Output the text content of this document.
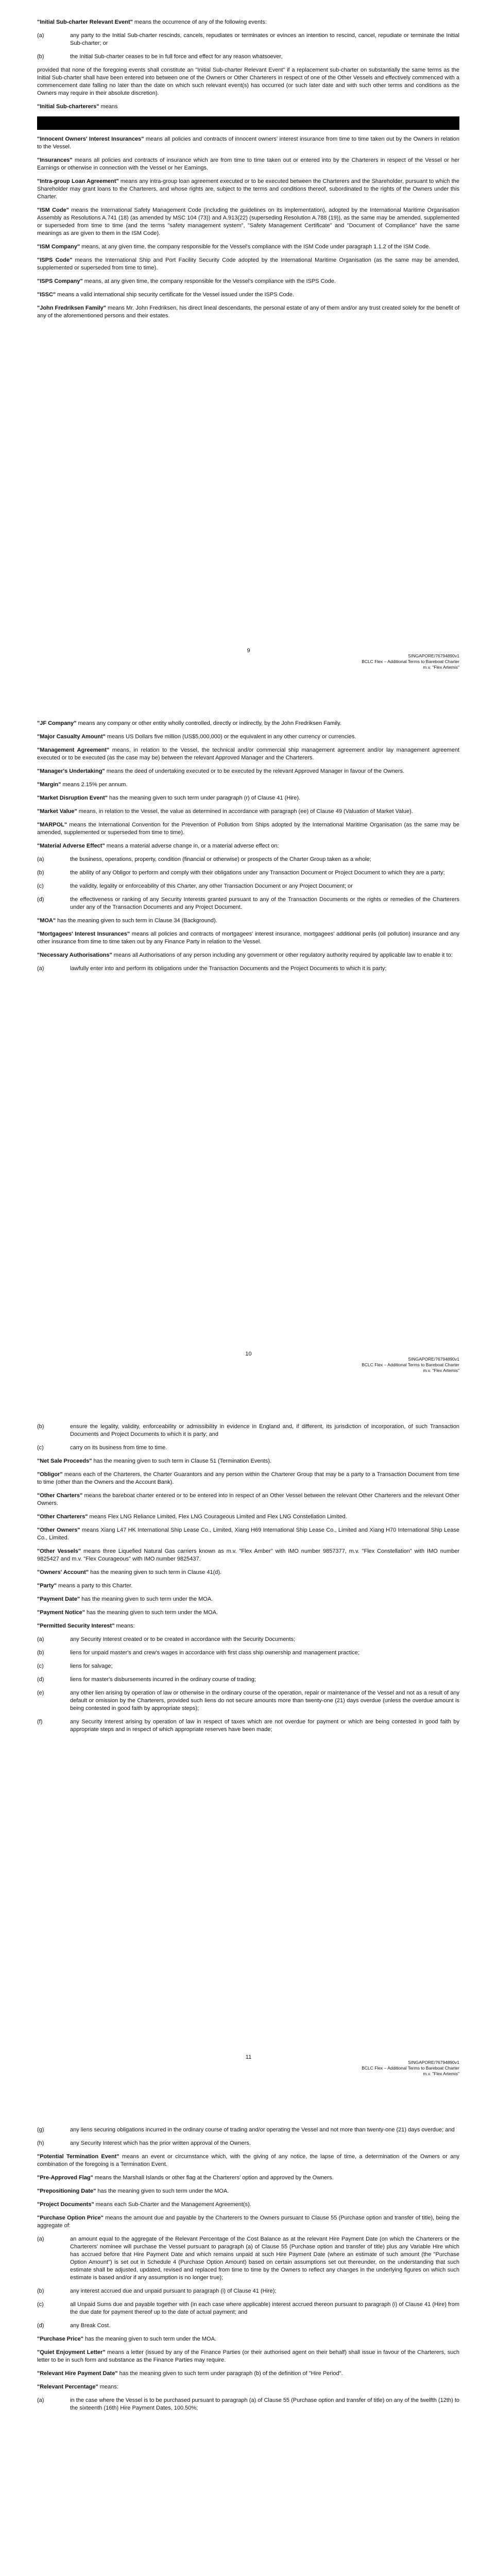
"Initial Sub-charter Relevant Event" means the occurrence of any of the following events:

(a)	any party to the Initial Sub-charter rescinds, cancels, repudiates or terminates or evinces an intention to rescind, cancel, repudiate or terminate the Initial Sub-charter; or
(b)	the Initial Sub-charter ceases to be in full force and effect for any reason whatsoever,

provided that none of the foregoing events shall constitute an "Initial Sub-charter Relevant Event" if a replacement sub-charter on substantially the same terms as the Initial Sub-charter shall have been entered into between one of the Owners or Other Charterers in respect of one of the Other Vessels and effectively commenced with a commencement date falling no later than the date on which such relevant event(s) has occurred (or such later date and with such other terms and conditions as the Owners may require in their absolute discretion).

"Initial Sub-charterers" means

"Innocent Owners' Interest Insurances" means all policies and contracts of innocent owners' interest insurance from time to time taken out by the Owners in relation to the Vessel.

"Insurances" means all policies and contracts of insurance which are from time to time taken out or entered into by the Charterers in respect of the Vessel or her Earnings or otherwise in connection with the Vessel or her Earnings.

"Intra-group Loan Agreement" means any intra-group loan agreement executed or to be executed between the Charterers and the Shareholder, pursuant to which the Shareholder may grant loans to the Charterers, and whose rights are, subject to the terms and conditions thereof, subordinated to the rights of the Owners under this Charter.

"ISM Code" means the International Safety Management Code (including the guidelines on its implementation), adopted by the International Maritime Organisation Assembly as Resolutions A.741 (18) (as amended by MSC 104 (73)) and A.913(22) (superseding Resolution A.788 (19)), as the same may be amended, supplemented or superseded from time to time (and the terms "safety management system", "Safety Management Certificate" and "Document of Compliance" have the same meanings as are given to them in the ISM Code).

"ISM Company" means, at any given time, the company responsible for the Vessel's compliance with the ISM Code under paragraph 1.1.2 of the ISM Code.

"ISPS Code" means the International Ship and Port Facility Security Code adopted by the International Maritime Organisation (as the same may be amended, supplemented or superseded from time to time).

"ISPS Company" means, at any given time, the company responsible for the Vessel's compliance with the ISPS Code.

"ISSC" means a valid international ship security certificate for the Vessel issued under the ISPS Code.

"John Fredriksen Family" means Mr. John Fredriksen, his direct lineal descendants, the personal estate of any of them and/or any trust created solely for the benefit of any of the aforementioned persons and their estates.

9
SINGAPORE/76794890v1
BCLC Flex – Additional Terms to Bareboat Charter
m.v. "Flex Artemis"

"JF Company" means any company or other entity wholly controlled, directly or indirectly, by the John Fredriksen Family.

"Major Casualty Amount" means US Dollars five million (US$5,000,000) or the equivalent in any other currency or currencies.

"Management Agreement" means, in relation to the Vessel, the technical and/or commercial ship management agreement and/or lay management agreement executed or to be executed (as the case may be) between the relevant Approved Manager and the Charterers.

"Manager's Undertaking" means the deed of undertaking executed or to be executed by the relevant Approved Manager in favour of the Owners.

"Margin" means 2.15% per annum.

"Market Disruption Event" has the meaning given to such term under paragraph (r) of Clause 41 (Hire).

"Market Value" means, in relation to the Vessel, the value as determined in accordance with paragraph (ee) of Clause 49 (Valuation of Market Value).

"MARPOL" means the International Convention for the Prevention of Pollution from Ships adopted by the International Maritime Organisation (as the same may be amended, supplemented or superseded from time to time).

"Material Adverse Effect" means a material adverse change in, or a material adverse effect on:

(a)	the business, operations, property, condition (financial or otherwise) or prospects of the Charter Group taken as a whole;
(b)	the ability of any Obligor to perform and comply with their obligations under any Transaction Document or Project Document to which they are a party;
(c)	the validity, legality or enforceability of this Charter, any other Transaction Document or any Project Document; or
(d)	the effectiveness or ranking of any Security Interests granted pursuant to any of the Transaction Documents or the rights or remedies of the Charterers under any of the Transaction Documents and any Project Document.

"MOA" has the meaning given to such term in Clause 34 (Background).

"Mortgagees' Interest Insurances" means all policies and contracts of mortgagees' interest insurance, mortgagees' additional perils (oil pollution) insurance and any other insurance from time to time taken out by any Finance Party in relation to the Vessel.

"Necessary Authorisations" means all Authorisations of any person including any government or other regulatory authority required by applicable law to enable it to:

(a)	lawfully enter into and perform its obligations under the Transaction Documents and the Project Documents to which it is party;
10
SINGAPORE/76794890v1
BCLC Flex – Additional Terms to Bareboat Charter
m.v. "Flex Artemis"
(b)	ensure the legality, validity, enforceability or admissibility in evidence in England and, if different, its jurisdiction of incorporation, of such Transaction Documents and Project Documents to which it is party; and
(c)	carry on its business from time to time.

"Net Sale Proceeds" has the meaning given to such term in Clause 51 (Termination Events).

"Obligor" means each of the Charterers, the Charter Guarantors and any person within the Charterer Group that may be a party to a Transaction Document from time to time (other than the Owners and the Account Bank).

"Other Charters" means the bareboat charter entered or to be entered into in respect of an Other Vessel between the relevant Other Charterers and the relevant Other Owners.

"Other Charterers" means Flex LNG Reliance Limited, Flex LNG Courageous Limited and Flex LNG Constellation Limited.

"Other Owners" means Xiang L47 HK International Ship Lease Co., Limited, Xiang H69 International Ship Lease Co., Limited and Xiang H70 International Ship Lease Co., Limited.

"Other Vessels" means three Liquefied Natural Gas carriers known as m.v. "Flex Amber" with IMO number 9857377, m.v. "Flex Constellation" with IMO number 9825427 and m.v. "Flex Courageous" with IMO number 9825437.

"Owners' Account" has the meaning given to such term in Clause 41(d).

"Party" means a party to this Charter.

"Payment Date" has the meaning given to such term under the MOA.

"Payment Notice" has the meaning given to such term under the MOA.

"Permitted Security Interest" means:

(a)	any Security Interest created or to be created in accordance with the Security Documents;
(b)	liens for unpaid master's and crew's wages in accordance with first class ship ownership and management practice;
(c)	liens for salvage;
(d)	liens for master's disbursements incurred in the ordinary course of trading;
(e)	any other lien arising by operation of law or otherwise in the ordinary course of the operation, repair or maintenance of the Vessel and not as a result of any default or omission by the Charterers, provided such liens do not secure amounts more than twenty-one (21) days overdue (unless the overdue amount is being contested in good faith by appropriate steps);
(f)	any Security Interest arising by operation of law in respect of taxes which are not overdue for payment or which are being contested in good faith by appropriate steps and in respect of which appropriate reserves have been made;
11
SINGAPORE/76794890v1
BCLC Flex – Additional Terms to Bareboat Charter
m.v. "Flex Artemis"
(g)	any liens securing obligations incurred in the ordinary course of trading and/or operating the Vessel and not more than twenty-one (21) days overdue; and
(h)	any Security Interest which has the prior written approval of the Owners.

"Potential Termination Event" means an event or circumstance which, with the giving of any notice, the lapse of time, a determination of the Owners or any combination of the foregoing is a Termination Event.

"Pre-Approved Flag" means the Marshall Islands or other flag at the Charterers' option and approved by the Owners.

"Prepositioning Date" has the meaning given to such term under the MOA.

"Project Documents" means each Sub-Charter and the Management Agreement(s).

"Purchase Option Price" means the amount due and payable by the Charterers to the Owners pursuant to Clause 55 (Purchase option and transfer of title), being the aggregate of:

(a)	an amount equal to the aggregate of the Relevant Percentage of the Cost Balance as at the relevant Hire Payment Date (on which the Charterers or the Charterers' nominee will purchase the Vessel pursuant to paragraph (a) of Clause 55 (Purchase option and transfer of title) plus any Variable Hire which has accrued before that Hire Payment Date and which remains unpaid at such Hire Payment Date (where an estimate of such amount (the "Purchase Option Amount") is set out in Schedule 4 (Purchase Option Amount) based on certain assumptions set out thereunder, on the understanding that such estimate shall be adjusted, updated, revised and replaced from time to time by the Owners to reflect any changes in the underlying figures on which such estimate is based and/or if any assumption is no longer true);
(b)	any interest accrued due and unpaid pursuant to paragraph (i) of Clause 41 (Hire);
(c)	all Unpaid Sums due and payable together with (in each case where applicable) interest accrued thereon pursuant to paragraph (i) of Clause 41 (Hire) from the due date for payment thereof up to the date of actual payment; and
(d)	any Break Cost.

"Purchase Price" has the meaning given to such term under the MOA.

"Quiet Enjoyment Letter" means a letter (issued by any of the Finance Parties (or their authorised agent on their behalf) shall issue in favour of the Charterers, such letter to be in such form and substance as the Finance Parties may require.

"Relevant Hire Payment Date" has the meaning given to such term under paragraph (b) of the definition of "Hire Period".

"Relevant Percentage" means:

(a)	in the case where the Vessel is to be purchased pursuant to paragraph (a) of Clause 55 (Purchase option and transfer of title) on any of the twelfth (12th) to the sixteenth (16th) Hire Payment Dates, 100.50%;
